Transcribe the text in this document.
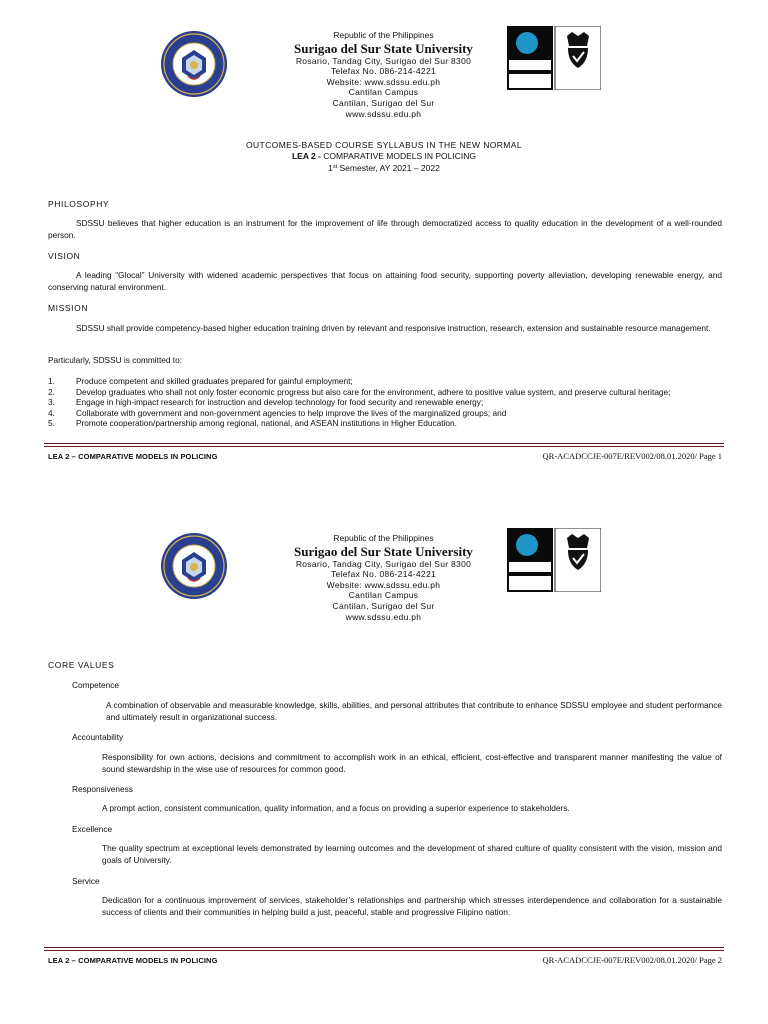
Republic of the Philippines
Surigao del Sur State University
Rosario, Tandag City, Surigao del Sur 8300
Telefax No. 086-214-4221
Website: www.sdssu.edu.ph
Cantilan Campus
Cantilan, Surigao del Sur
www.sdssu.edu.ph
OUTCOMES-BASED COURSE SYLLABUS IN THE NEW NORMAL
LEA 2 - COMPARATIVE MODELS IN POLICING
1st Semester, AY 2021 – 2022
PHILOSOPHY
SDSSU believes that higher education is an instrument for the improvement of life through democratized access to quality education in the development of a well-rounded person.
VISION
A leading “Glocal” University with widened academic perspectives that focus on attaining food security, supporting poverty alleviation, developing renewable energy, and conserving natural environment.
MISSION
SDSSU shall provide competency-based higher education training driven by relevant and responsive instruction, research, extension and sustainable resource management.
Particularly, SDSSU is committed to:
1.	Produce competent and skilled graduates prepared for gainful employment;
2.	Develop graduates who shall not only foster economic progress but also care for the environment, adhere to positive value system, and preserve cultural heritage;
3.	Engage in high-impact research for instruction and develop technology for food security and renewable energy;
4.	Collaborate with government and non-government agencies to help improve the lives of the marginalized groups; and
5.	Promote cooperation/partnership among regional, national, and ASEAN institutions in Higher Education.
LEA 2 – COMPARATIVE MODELS IN POLICING	QR-ACADCCJE-007E/REV002/08.01.2020/ Page 1
Republic of the Philippines
Surigao del Sur State University
Rosario, Tandag City, Surigao del Sur 8300
Telefax No. 086-214-4221
Website: www.sdssu.edu.ph
Cantilan Campus
Cantilan, Surigao del Sur
www.sdssu.edu.ph
CORE VALUES
Competence
A combination of observable and measurable knowledge, skills, abilities, and personal attributes that contribute to enhance SDSSU employee and student performance and ultimately result in organizational success.
Accountability
Responsibility for own actions, decisions and commitment to accomplish work in an ethical, efficient, cost-effective and transparent manner manifesting the value of sound stewardship in the wise use of resources for common good.
Responsiveness
A prompt action, consistent communication, quality information, and a focus on providing a superior experience to stakeholders.
Excellence
The quality spectrum at exceptional levels demonstrated by learning outcomes and the development of shared culture of quality consistent with the vision, mission and goals of University.
Service
Dedication for a continuous improvement of services, stakeholder’s relationships and partnership which stresses interdependence and collaboration for a sustainable success of clients and their communities in helping build a just, peaceful, stable and progressive Filipino nation.
LEA 2 – COMPARATIVE MODELS IN POLICING	QR-ACADCCJE-007E/REV002/08.01.2020/ Page 2
